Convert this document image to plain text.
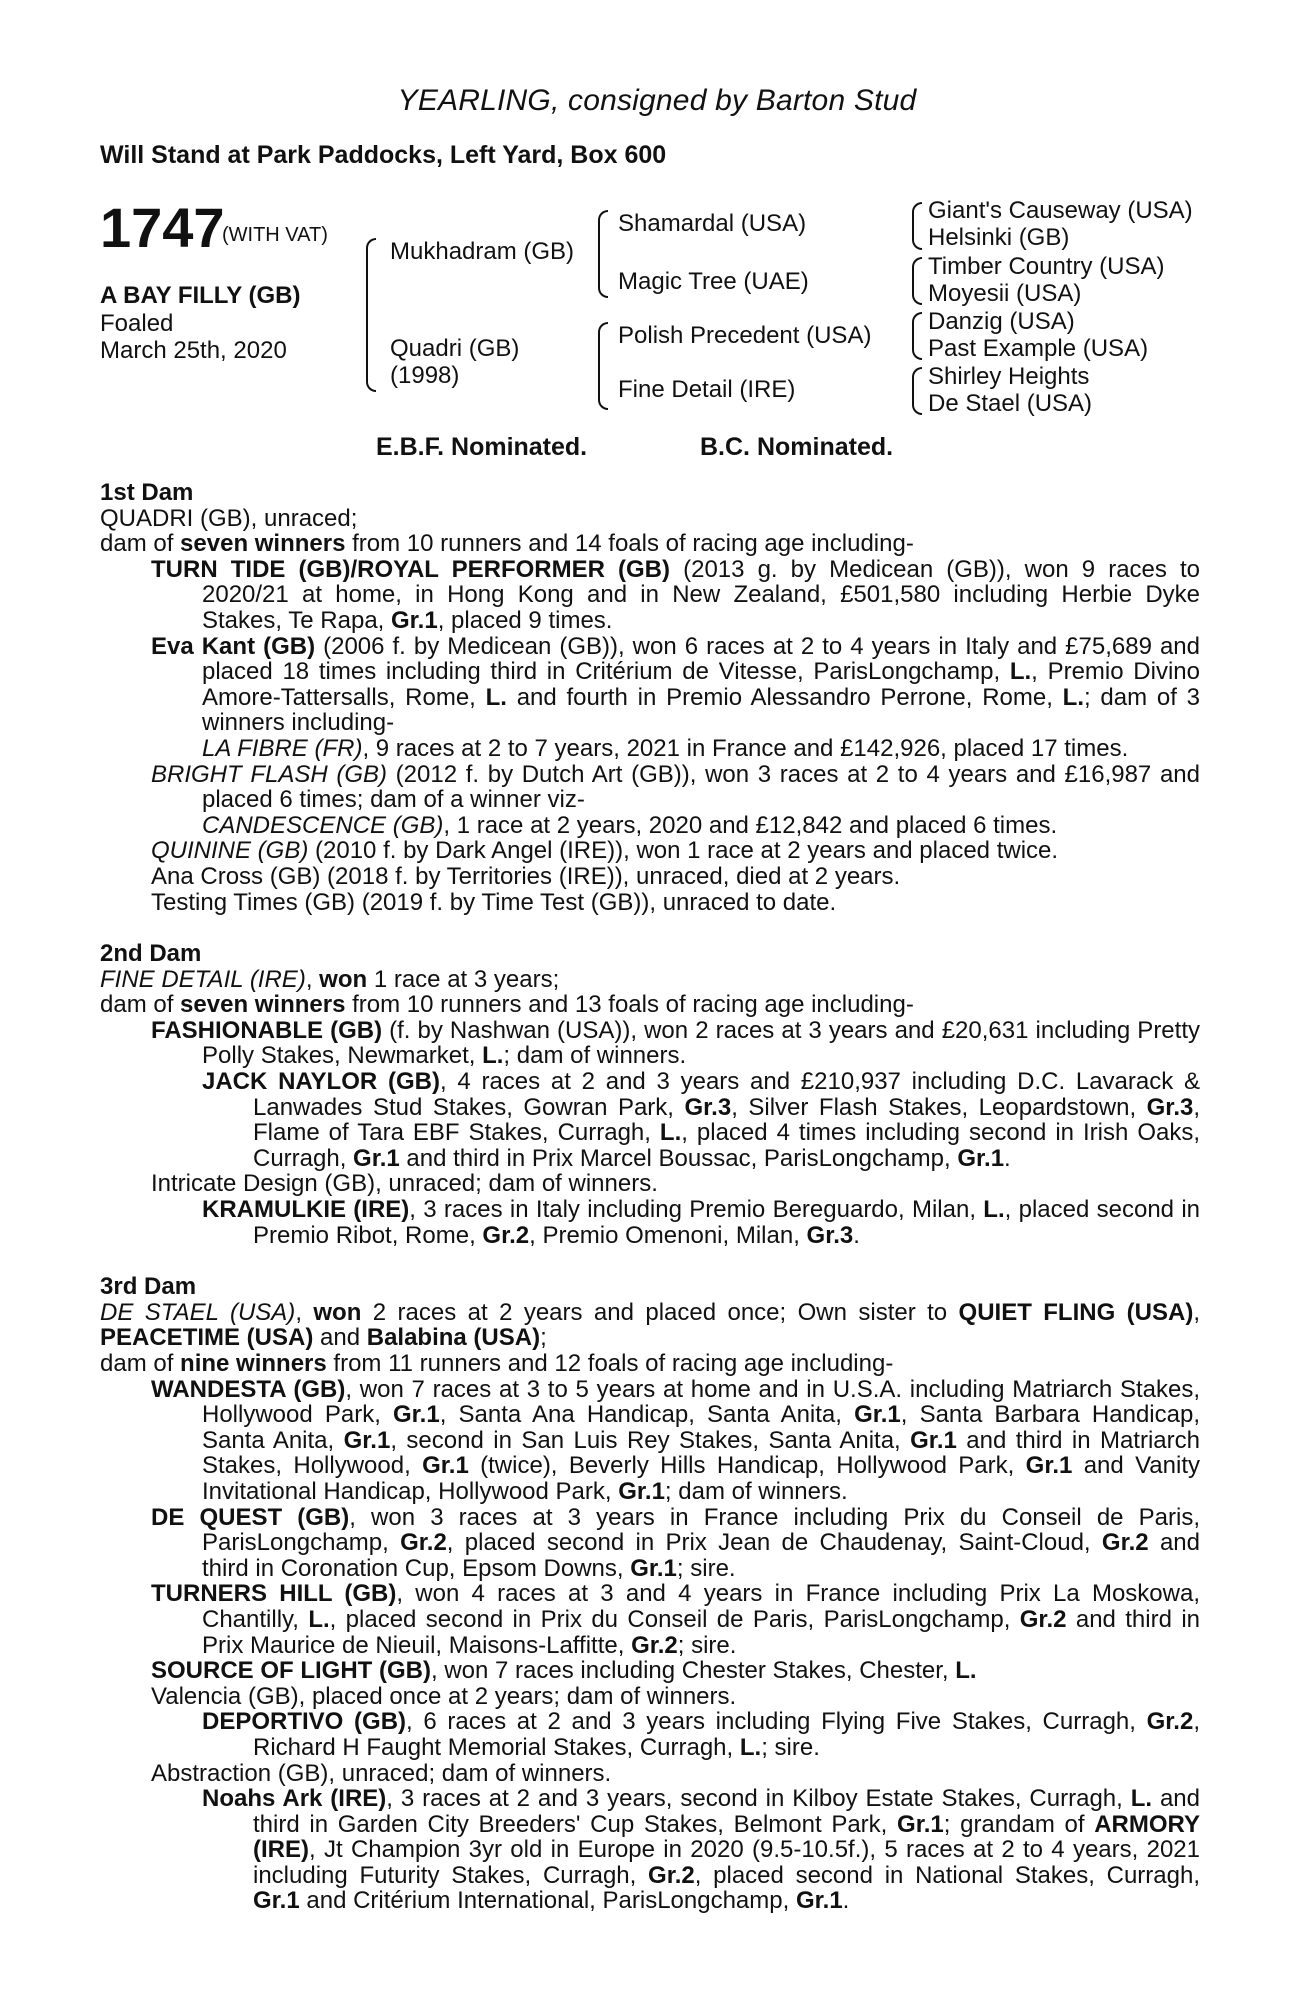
YEARLING, consigned by Barton Stud
Will Stand at Park Paddocks, Left Yard, Box 600
1747
(WITH VAT)
A BAY FILLY (GB)
Foaled
March 25th, 2020
Mukhadram (GB)
Quadri (GB)
(1998)
Shamardal (USA)
Magic Tree (UAE)
Polish Precedent (USA)
Fine Detail (IRE)
Giant's Causeway (USA)
Helsinki (GB)
Timber Country (USA)
Moyesii (USA)
Danzig (USA)
Past Example (USA)
Shirley Heights
De Stael (USA)
E.B.F. Nominated.	B.C. Nominated.

1st Dam

QUADRI (GB), unraced;

dam of seven winners from 10 runners and 14 foals of racing age including-

TURN TIDE (GB)/ROYAL PERFORMER (GB) (2013 g. by Medicean (GB)), won 9 races to 2020/21 at home, in Hong Kong and in New Zealand, £501,580 including Herbie Dyke Stakes, Te Rapa, Gr.1, placed 9 times.

Eva Kant (GB) (2006 f. by Medicean (GB)), won 6 races at 2 to 4 years in Italy and £75,689 and placed 18 times including third in Critérium de Vitesse, ParisLongchamp, L., Premio Divino Amore-Tattersalls, Rome, L. and fourth in Premio Alessandro Perrone, Rome, L.; dam of 3 winners including-

LA FIBRE (FR), 9 races at 2 to 7 years, 2021 in France and £142,926, placed 17 times.

BRIGHT FLASH (GB) (2012 f. by Dutch Art (GB)), won 3 races at 2 to 4 years and £16,987 and placed 6 times; dam of a winner viz-

CANDESCENCE (GB), 1 race at 2 years, 2020 and £12,842 and placed 6 times.

QUININE (GB) (2010 f. by Dark Angel (IRE)), won 1 race at 2 years and placed twice.

Ana Cross (GB) (2018 f. by Territories (IRE)), unraced, died at 2 years.

Testing Times (GB) (2019 f. by Time Test (GB)), unraced to date.

2nd Dam

FINE DETAIL (IRE), won 1 race at 3 years;

dam of seven winners from 10 runners and 13 foals of racing age including-

FASHIONABLE (GB) (f. by Nashwan (USA)), won 2 races at 3 years and £20,631 including Pretty Polly Stakes, Newmarket, L.; dam of winners.

JACK NAYLOR (GB), 4 races at 2 and 3 years and £210,937 including D.C. Lavarack & Lanwades Stud Stakes, Gowran Park, Gr.3, Silver Flash Stakes, Leopardstown, Gr.3, Flame of Tara EBF Stakes, Curragh, L., placed 4 times including second in Irish Oaks, Curragh, Gr.1 and third in Prix Marcel Boussac, ParisLongchamp, Gr.1.

Intricate Design (GB), unraced; dam of winners.

KRAMULKIE (IRE), 3 races in Italy including Premio Bereguardo, Milan, L., placed second in Premio Ribot, Rome, Gr.2, Premio Omenoni, Milan, Gr.3.

3rd Dam

DE STAEL (USA), won 2 races at 2 years and placed once; Own sister to QUIET FLING (USA), PEACETIME (USA) and Balabina (USA);

dam of nine winners from 11 runners and 12 foals of racing age including-

WANDESTA (GB), won 7 races at 3 to 5 years at home and in U.S.A. including Matriarch Stakes, Hollywood Park, Gr.1, Santa Ana Handicap, Santa Anita, Gr.1, Santa Barbara Handicap, Santa Anita, Gr.1, second in San Luis Rey Stakes, Santa Anita, Gr.1 and third in Matriarch Stakes, Hollywood, Gr.1 (twice), Beverly Hills Handicap, Hollywood Park, Gr.1 and Vanity Invitational Handicap, Hollywood Park, Gr.1; dam of winners.

DE QUEST (GB), won 3 races at 3 years in France including Prix du Conseil de Paris, ParisLongchamp, Gr.2, placed second in Prix Jean de Chaudenay, Saint-Cloud, Gr.2 and third in Coronation Cup, Epsom Downs, Gr.1; sire.

TURNERS HILL (GB), won 4 races at 3 and 4 years in France including Prix La Moskowa, Chantilly, L., placed second in Prix du Conseil de Paris, ParisLongchamp, Gr.2 and third in Prix Maurice de Nieuil, Maisons-Laffitte, Gr.2; sire.

SOURCE OF LIGHT (GB), won 7 races including Chester Stakes, Chester, L.

Valencia (GB), placed once at 2 years; dam of winners.

DEPORTIVO (GB), 6 races at 2 and 3 years including Flying Five Stakes, Curragh, Gr.2, Richard H Faught Memorial Stakes, Curragh, L.; sire.

Abstraction (GB), unraced; dam of winners.

Noahs Ark (IRE), 3 races at 2 and 3 years, second in Kilboy Estate Stakes, Curragh, L. and third in Garden City Breeders' Cup Stakes, Belmont Park, Gr.1; grandam of ARMORY (IRE), Jt Champion 3yr old in Europe in 2020 (9.5-10.5f.), 5 races at 2 to 4 years, 2021 including Futurity Stakes, Curragh, Gr.2, placed second in National Stakes, Curragh, Gr.1 and Critérium International, ParisLongchamp, Gr.1.
